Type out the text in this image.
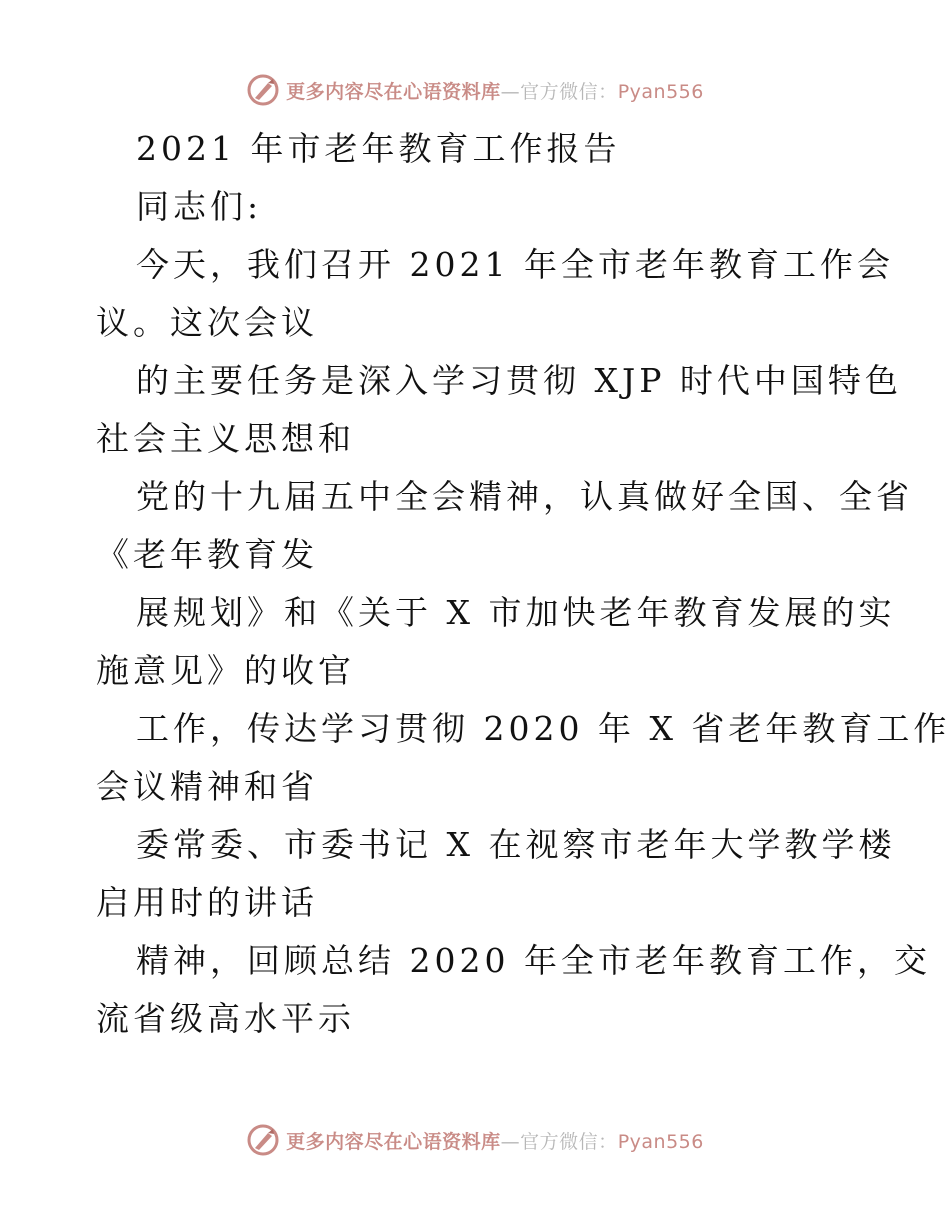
更多内容尽在心语资料库—官方微信：Pyan556
2021 年市老年教育工作报告
同志们:
今天，我们召开 2021 年全市老年教育工作会
议。这次会议
的主要任务是深入学习贯彻 XJP 时代中国特色
社会主义思想和
党的十九届五中全会精神，认真做好全国、全省
《老年教育发
展规划》和《关于 X 市加快老年教育发展的实
施意见》的收官
工作，传达学习贯彻 2020 年 X 省老年教育工作
会议精神和省
委常委、市委书记 X 在视察市老年大学教学楼
启用时的讲话
精神，回顾总结 2020 年全市老年教育工作，交
流省级高水平示
更多内容尽在心语资料库—官方微信：Pyan556
